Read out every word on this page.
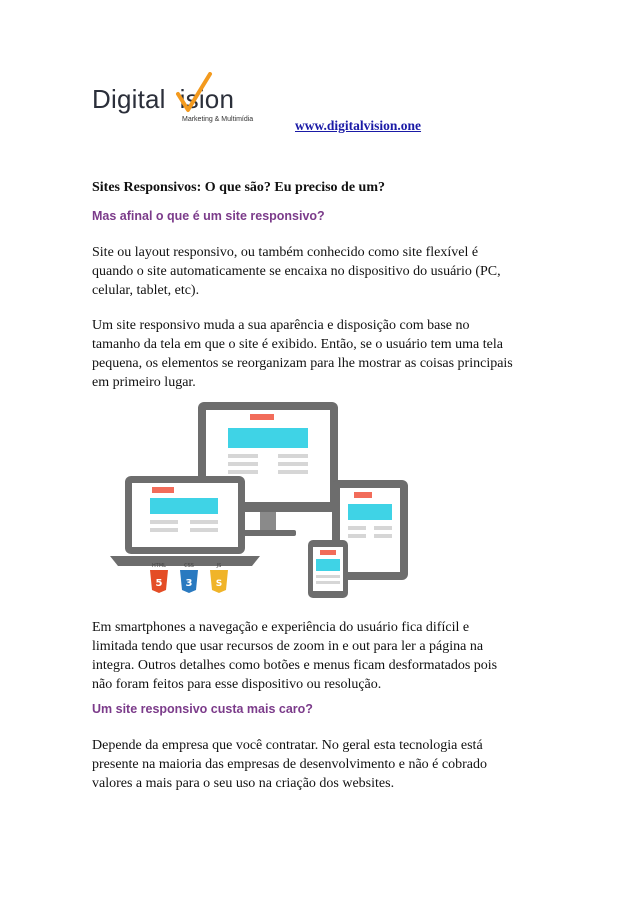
Digital ision
Marketing & Multimídia	www.digitalvision.one
Sites Responsivos: O que são? Eu preciso de um?
Mas afinal o que é um site responsivo?
Site ou layout responsivo, ou também conhecido como site flexível é
quando o site automaticamente se encaixa no dispositivo do usuário (PC,
celular, tablet, etc).
Um site responsivo muda a sua aparência e disposição com base no
tamanho da tela em que o site é exibido. Então, se o usuário tem uma tela
pequena, os elementos se reorganizam para lhe mostrar as coisas principais
em primeiro lugar.
5
HTML
3
CSS
S
JS
Em smartphones a navegação e experiência do usuário fica difícil e
limitada tendo que usar recursos de zoom in e out para ler a página na
integra. Outros detalhes como botões e menus ficam desformatados pois
não foram feitos para esse dispositivo ou resolução.
Um site responsivo custa mais caro?
Depende da empresa que você contratar. No geral esta tecnologia está
presente na maioria das empresas de desenvolvimento e não é cobrado
valores a mais para o seu uso na criação dos websites.
